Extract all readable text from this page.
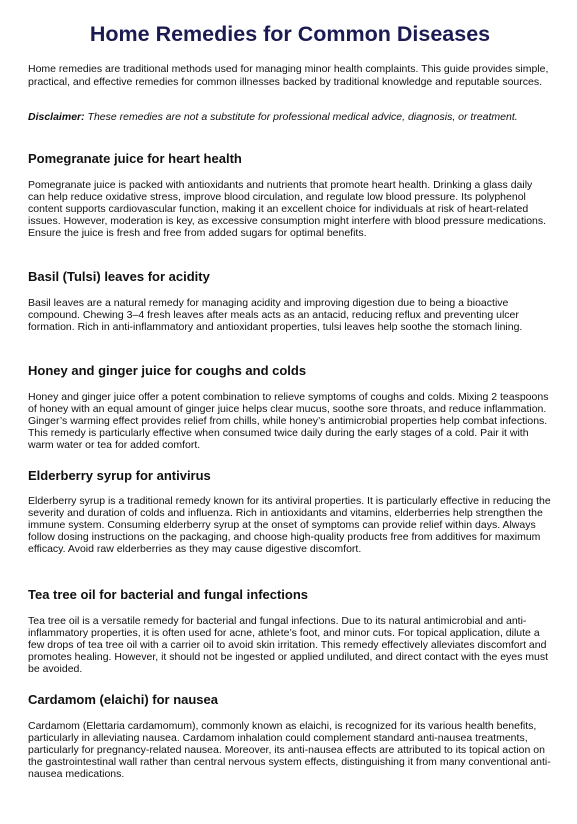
Home Remedies for Common Diseases

Home remedies are traditional methods used for managing minor health complaints. This guide provides simple, practical, and effective remedies for common illnesses backed by traditional knowledge and reputable sources.

Disclaimer: These remedies are not a substitute for professional medical advice, diagnosis, or treatment.

Pomegranate juice for heart health

Pomegranate juice is packed with antioxidants and nutrients that promote heart health. Drinking a glass daily can help reduce oxidative stress, improve blood circulation, and regulate low blood pressure. Its polyphenol content supports cardiovascular function, making it an excellent choice for individuals at risk of heart-related issues. However, moderation is key, as excessive consumption might interfere with blood pressure medications. Ensure the juice is fresh and free from added sugars for optimal benefits.

Basil (Tulsi) leaves for acidity

Basil leaves are a natural remedy for managing acidity and improving digestion due to being a bioactive compound. Chewing 3–4 fresh leaves after meals acts as an antacid, reducing reflux and preventing ulcer formation. Rich in anti-inflammatory and antioxidant properties, tulsi leaves help soothe the stomach lining.

Honey and ginger juice for coughs and colds

Honey and ginger juice offer a potent combination to relieve symptoms of coughs and colds. Mixing 2 teaspoons of honey with an equal amount of ginger juice helps clear mucus, soothe sore throats, and reduce inflammation. Ginger’s warming effect provides relief from chills, while honey’s antimicrobial properties help combat infections. This remedy is particularly effective when consumed twice daily during the early stages of a cold. Pair it with warm water or tea for added comfort.

Elderberry syrup for antivirus

Elderberry syrup is a traditional remedy known for its antiviral properties. It is particularly effective in reducing the severity and duration of colds and influenza. Rich in antioxidants and vitamins, elderberries help strengthen the immune system. Consuming elderberry syrup at the onset of symptoms can provide relief within days. Always follow dosing instructions on the packaging, and choose high-quality products free from additives for maximum efficacy. Avoid raw elderberries as they may cause digestive discomfort.

Tea tree oil for bacterial and fungal infections

Tea tree oil is a versatile remedy for bacterial and fungal infections. Due to its natural antimicrobial and anti-inflammatory properties, it is often used for acne, athlete’s foot, and minor cuts. For topical application, dilute a few drops of tea tree oil with a carrier oil to avoid skin irritation. This remedy effectively alleviates discomfort and promotes healing. However, it should not be ingested or applied undiluted, and direct contact with the eyes must be avoided.

Cardamom (elaichi) for nausea

Cardamom (Elettaria cardamomum), commonly known as elaichi, is recognized for its various health benefits, particularly in alleviating nausea. Cardamom inhalation could complement standard anti-nausea treatments, particularly for pregnancy-related nausea. Moreover, its anti-nausea effects are attributed to its topical action on the gastrointestinal wall rather than central nervous system effects, distinguishing it from many conventional anti-nausea medications.
